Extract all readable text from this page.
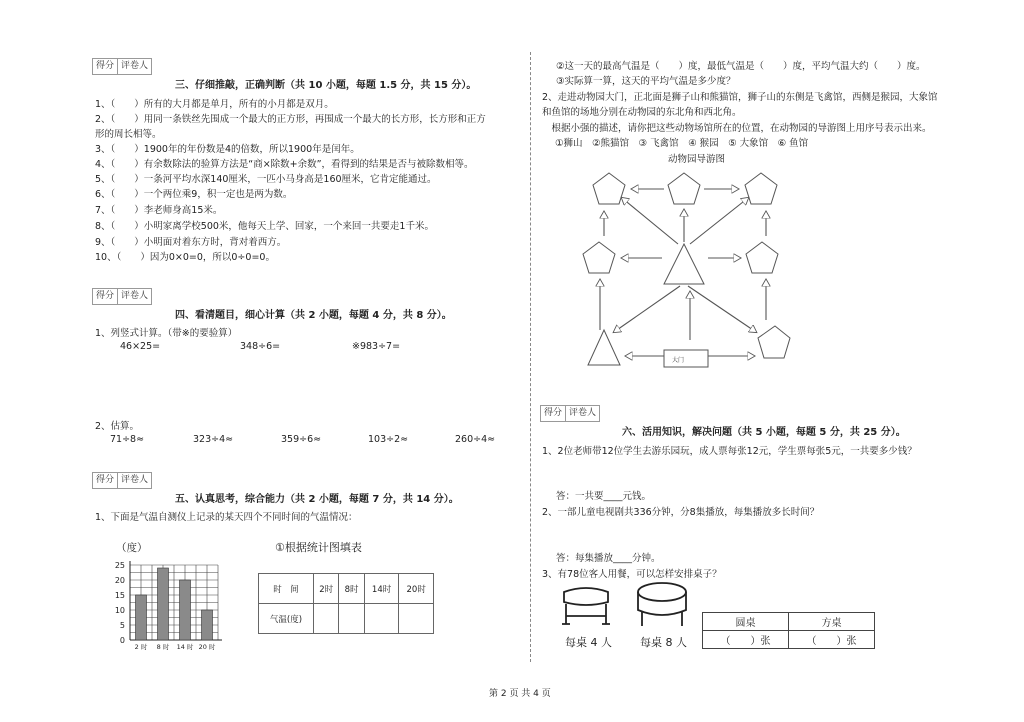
得分 评卷人
三、仔细推敲，正确判断（共 10 小题，每题 1.5 分，共 15 分）。
1、（　　）所有的大月都是单月，所有的小月都是双月。
2、（　　）用同一条铁丝先围成一个最大的正方形，再围成一个最大的长方形，长方形和正方
形的周长相等。
3、（　　）1900年的年份数是4的倍数，所以1900年是闰年。
4、（　　）有余数除法的验算方法是“商×除数+余数”，看得到的结果是否与被除数相等。
5、（　　）一条河平均水深140厘米，一匹小马身高是160厘米，它肯定能通过。
6、（　　）一个两位乘9，积一定也是两为数。
7、（　　）李老师身高15米。
8、（　　）小明家离学校500米，他每天上学、回家，一个来回一共要走1千米。
9、（　　）小明面对着东方时，背对着西方。
10、（　　）因为0×0=0，所以0÷0=0。
得分 评卷人
四、看清题目，细心计算（共 2 小题，每题 4 分，共 8 分）。
1、列竖式计算。（带※的要验算）
46×25=	348÷6=	※983÷7=
2、估算。
71÷8≈	323÷4≈	359÷6≈	103÷2≈	260÷4≈
得分 评卷人
五、认真思考，综合能力（共 2 小题，每题 7 分，共 14 分）。
1、下面是气温自测仪上记录的某天四个不同时间的气温情况：
（度）
0
5
10
15
20
25
2 时 8 时 14 时 20 时
①根据统计图填表
时　间	2时	8时	14时	20时
气温(度)				
②这一天的最高气温是（　　）度，最低气温是（　　）度，平均气温大约（　　）度。
③实际算一算，这天的平均气温是多少度？
2、走进动物园大门，正北面是狮子山和熊猫馆，狮子山的东侧是飞禽馆，西侧是猴园，大象馆
和鱼馆的场地分别在动物园的东北角和西北角。
　根据小强的描述，请你把这些动物场馆所在的位置，在动物园的导游图上用序号表示出来。
①狮山　②熊猫馆　③ 飞禽馆　④ 猴园　⑤ 大象馆　⑥ 鱼馆
动物园导游图
大门
得分 评卷人
六、活用知识，解决问题（共 5 小题，每题 5 分，共 25 分）。
1、2位老师带12位学生去游乐园玩，成人票每张12元，学生票每张5元，一共要多少钱？
答：一共要____元钱。
2、一部儿童电视剧共336分钟，分8集播放，每集播放多长时间？
答：每集播放____分钟。
3、有78位客人用餐，可以怎样安排桌子？
每桌 4 人	每桌 8 人
圆桌	方桌
（　　）张	（　　）张
第 2 页 共 4 页
